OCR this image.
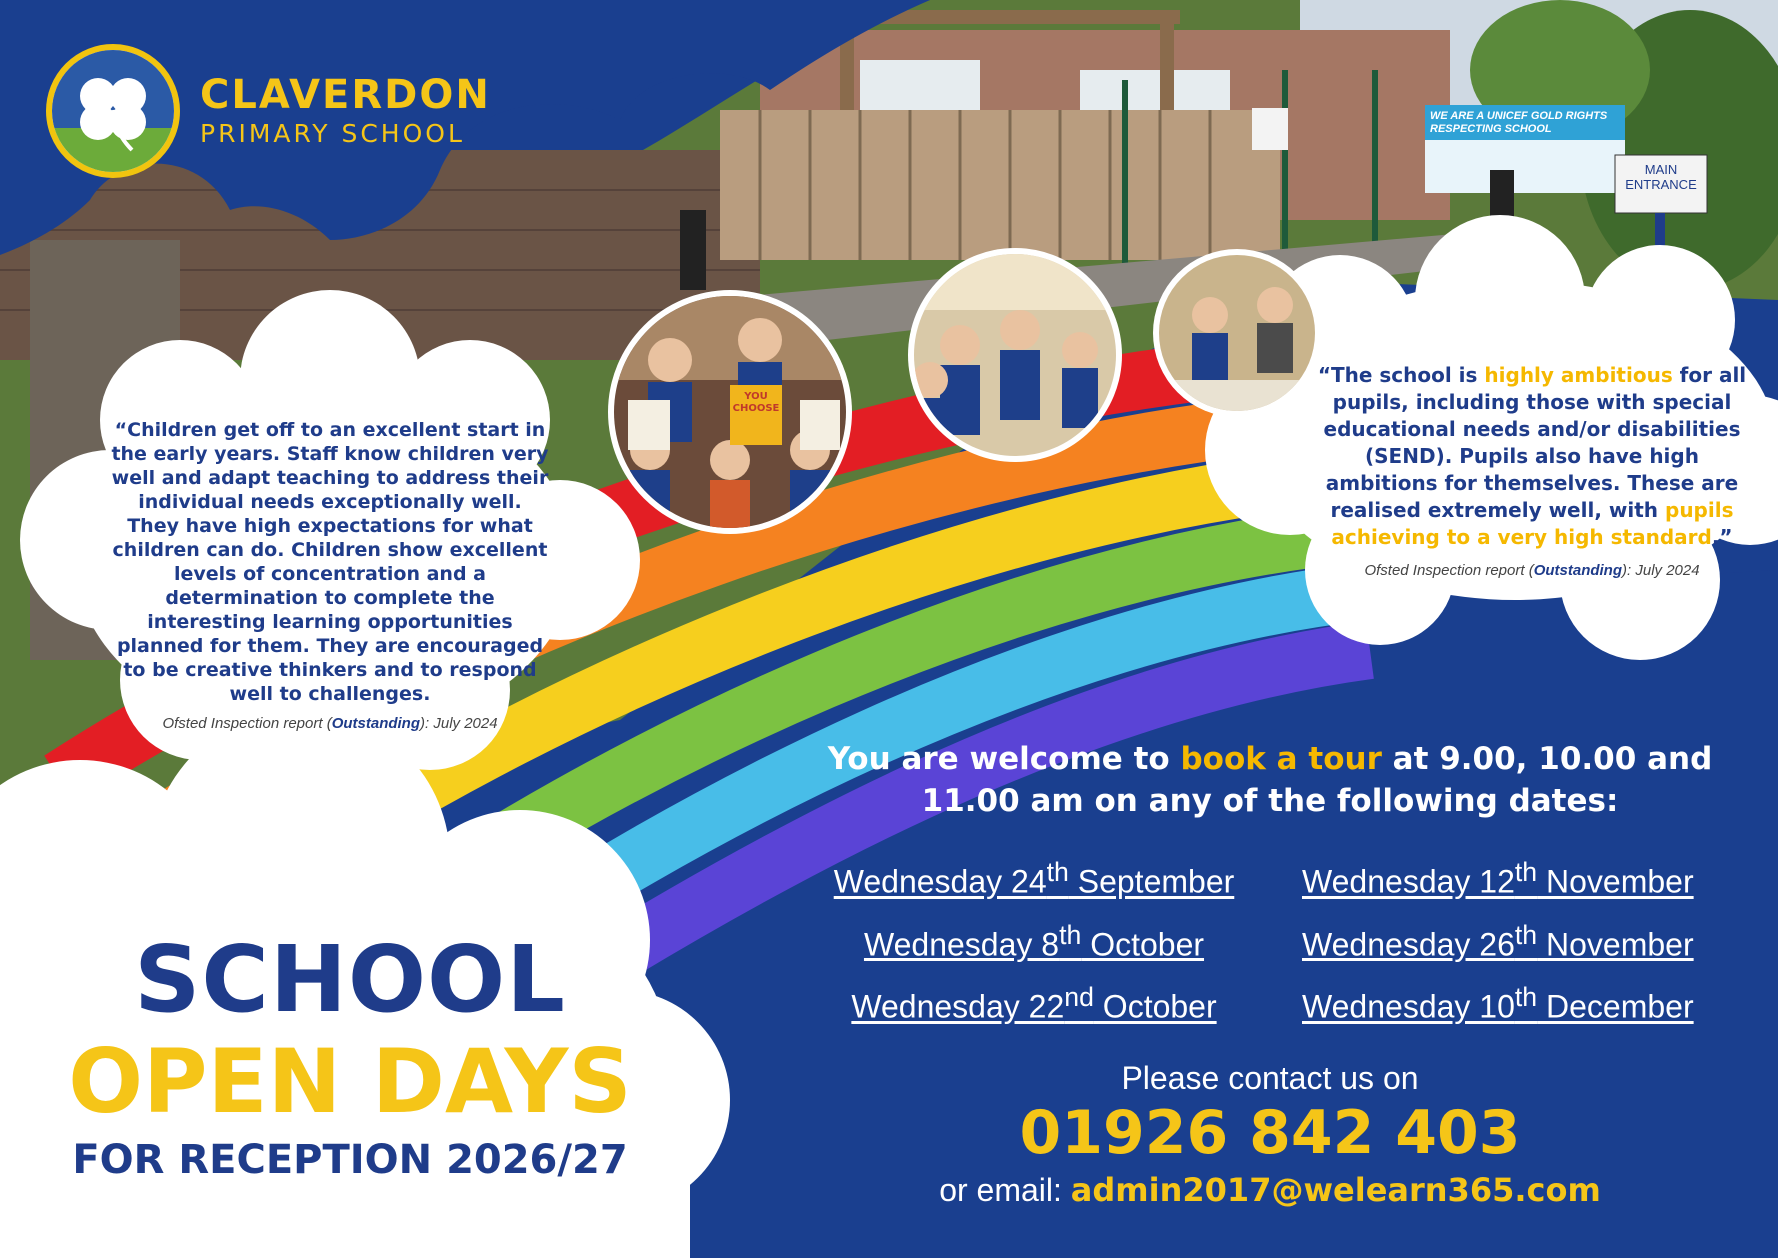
CLAVERDON
PRIMARY SCHOOL
“Children get off to an excellent start in the early years. Staff know children very well and adapt teaching to address their individual needs exceptionally well. They have high expectations for what children can do. Children show excellent levels of concentration and a determination to complete the interesting learning opportunities planned for them. They are encouraged to be creative thinkers and to respond well to challenges.
Ofsted Inspection report (Outstanding): July 2024
“The school is highly ambitious for all pupils, including those with special educational needs and/or disabilities (SEND). Pupils also have high ambitions for themselves. These are realised extremely well, with pupils achieving to a very high standard.”
Ofsted Inspection report (Outstanding): July 2024
SCHOOL
OPEN DAYS
FOR RECEPTION 2026/27
You are welcome to book a tour at 9.00, 10.00 and 11.00 am on any of the following dates:
Wednesday 24th September	Wednesday 12th November
Wednesday 8th October	Wednesday 26th November
Wednesday 22nd October	Wednesday 10th December
Please contact us on
01926 842 403
or email: admin2017@welearn365.com
MAIN ENTRANCE
WE ARE A UNICEF GOLD RIGHTS RESPECTING SCHOOL
YOU CHOOSE
